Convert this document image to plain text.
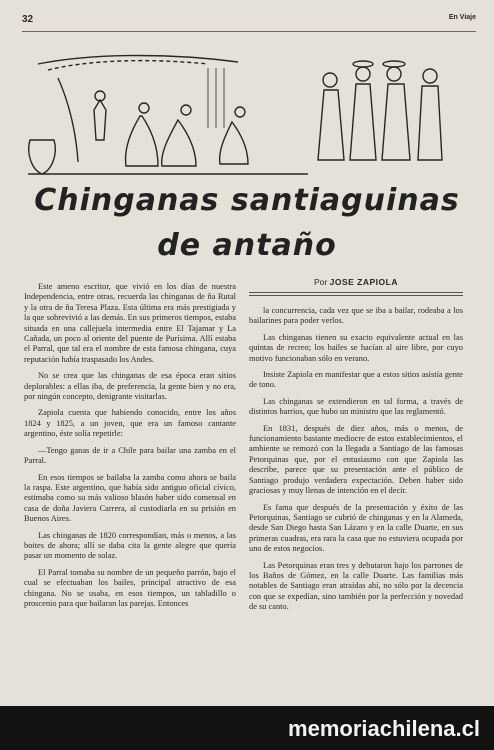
32	En Viaje
Chinganas santiaguinas
de antaño
Por JOSE ZAPIOLA

Este ameno escritor, que vivió en los días de nuestra Independencia, entre otras, recuerda las chinganas de ña Rutal y la otra de ña Teresa Plaza. Esta última era más prestigiada y la que sobrevivió a las demás. En sus primeros tiempos, estaba situada en una callejuela intermedia entre El Tajamar y La Cañada, un poco al oriente del puente de Purísima. Allí estaba el Parral, que tal era el nombre de esta famosa chingana, cuya reputación había traspasado los Andes.

No se crea que las chinganas de esa época eran sitios deplorables: a ellas iba, de preferencia, la gente bien y no era, por ningún concepto, denigrante visitarlas.

Zapiola cuenta que habiendo conocido, entre los años 1824 y 1825, a un joven, que era un famoso cantante argentino, éste solía repetirle:

—Tengo ganas de ir a Chile para bailar una zamba en el Parral.

En esos tiempos se bailaba la zamba como ahora se baila la raspa. Este argentino, que había sido antiguo oficial cívico, estimaba como su más valioso blasón haber sido comensal en casa de doña Javiera Carrera, al custodiarla en su prisión en Buenos Aires.

Las chinganas de 1820 correspondían, más o menos, a las boites de ahora; allí se daba cita la gente alegre que quería pasar un momento de solaz.

El Parral tomaba su nombre de un pequeño parrón, bajo el cual se efectuaban los bailes, principal atractivo de esa chingana. No se usaba, en esos tiempos, un tabladillo o proscenio para que bailaran las parejas. Entonces

la concurrencia, cada vez que se iba a bailar, rodeaba a los bailarines para poder verlos.

Las chinganas tienen su exacto equivalente actual en las quintas de recreo; los bailes se hacían al aire libre, por cuyo motivo funcionaban sólo en verano.

Insiste Zapiola en manifestar que a estos sitios asistía gente de tono.

Las chinganas se extendieron en tal forma, a través de distintos barrios, que hubo un ministro que las reglamentó.

En 1831, después de diez años, más o menos, de funcionamiento bastante mediocre de estos establecimientos, el ambiente se remozó con la llegada a Santiago de las famosas Petorquinas que, por el entusiasmo con que Zapiola las describe, parece que su presentación ante el público de Santiago produjo verdadera expectación. Deben haber sido graciosas y muy llenas de intención en el decir.

Es fama que después de la presentación y éxito de las Petorquinas, Santiago se cubrió de chinganas y en la Alameda, desde San Diego hasta San Lázaro y en la calle Duarte, en sus primeras cuadras, era rara la casa que no estuviera ocupada por uno de estos negocios.

Las Petorquinas eran tres y debutaron bajo los parrones de los Baños de Gómez, en la calle Duarte. Las familias más notables de Santiago eran atraídas ahí, no sólo por la decencia con que se expedían, sino también por la perfección y novedad de su canto.

memoriachilena.cl
